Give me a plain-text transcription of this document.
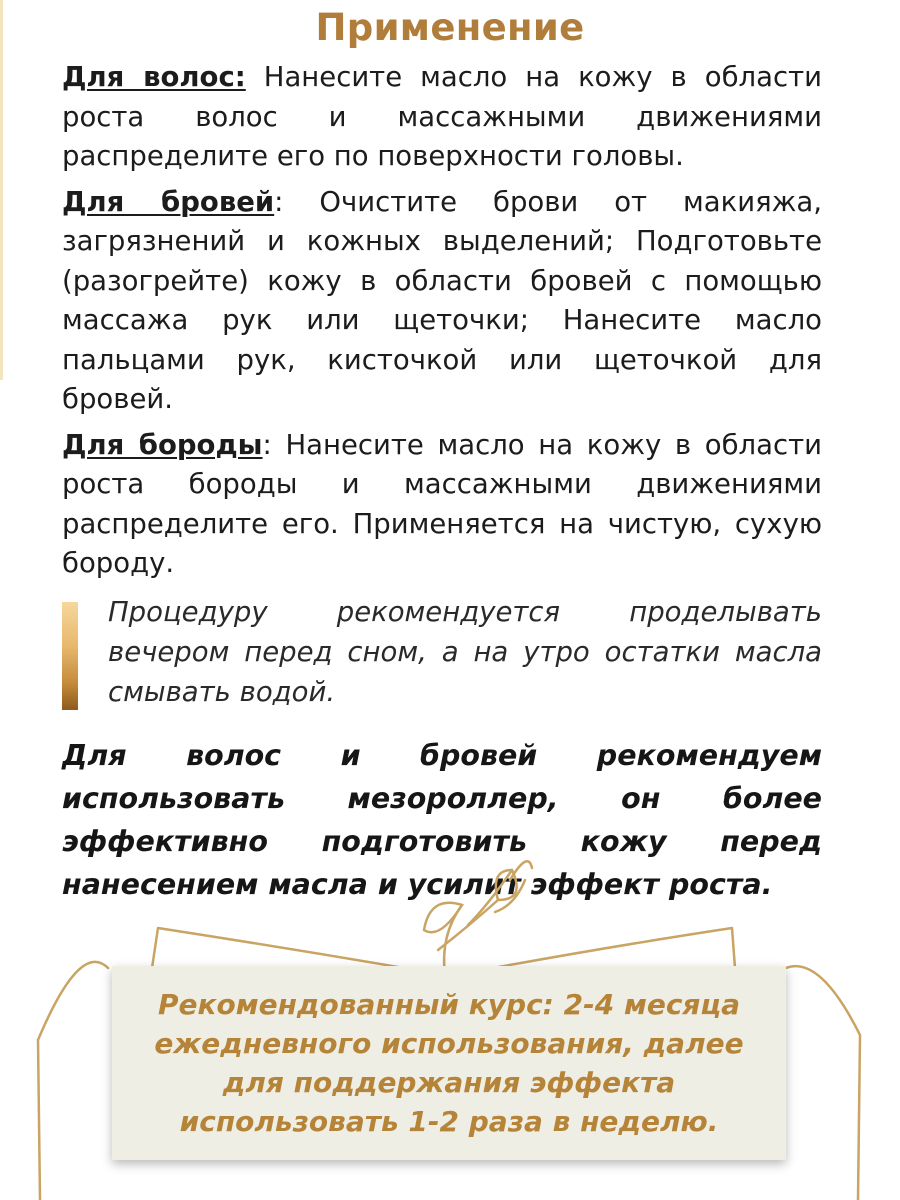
Применение

Для волос: Нанесите масло на кожу в области роста волос и массажными движениями распределите его по поверхности головы.

Для бровей: Очистите брови от макияжа, загрязнений и кожных выделений; Подготовьте (разогрейте) кожу в области бровей с помощью массажа рук или щеточки; Нанесите масло пальцами рук, кисточкой или щеточкой для бровей.

Для бороды: Нанесите масло на кожу в области роста бороды и массажными движениями распределите его. Применяется на чистую, сухую бороду.

Процедуру рекомендуется проделывать вечером перед сном, а на утро остатки масла смывать водой.

Для волос и бровей рекомендуем использовать мезороллер, он более эффективно подготовить кожу перед нанесением масла и усилит эффект роста.
Рекомендованный курс: 2-4 месяца ежедневного использования, далее для поддержания эффекта использовать 1-2 раза в неделю.
